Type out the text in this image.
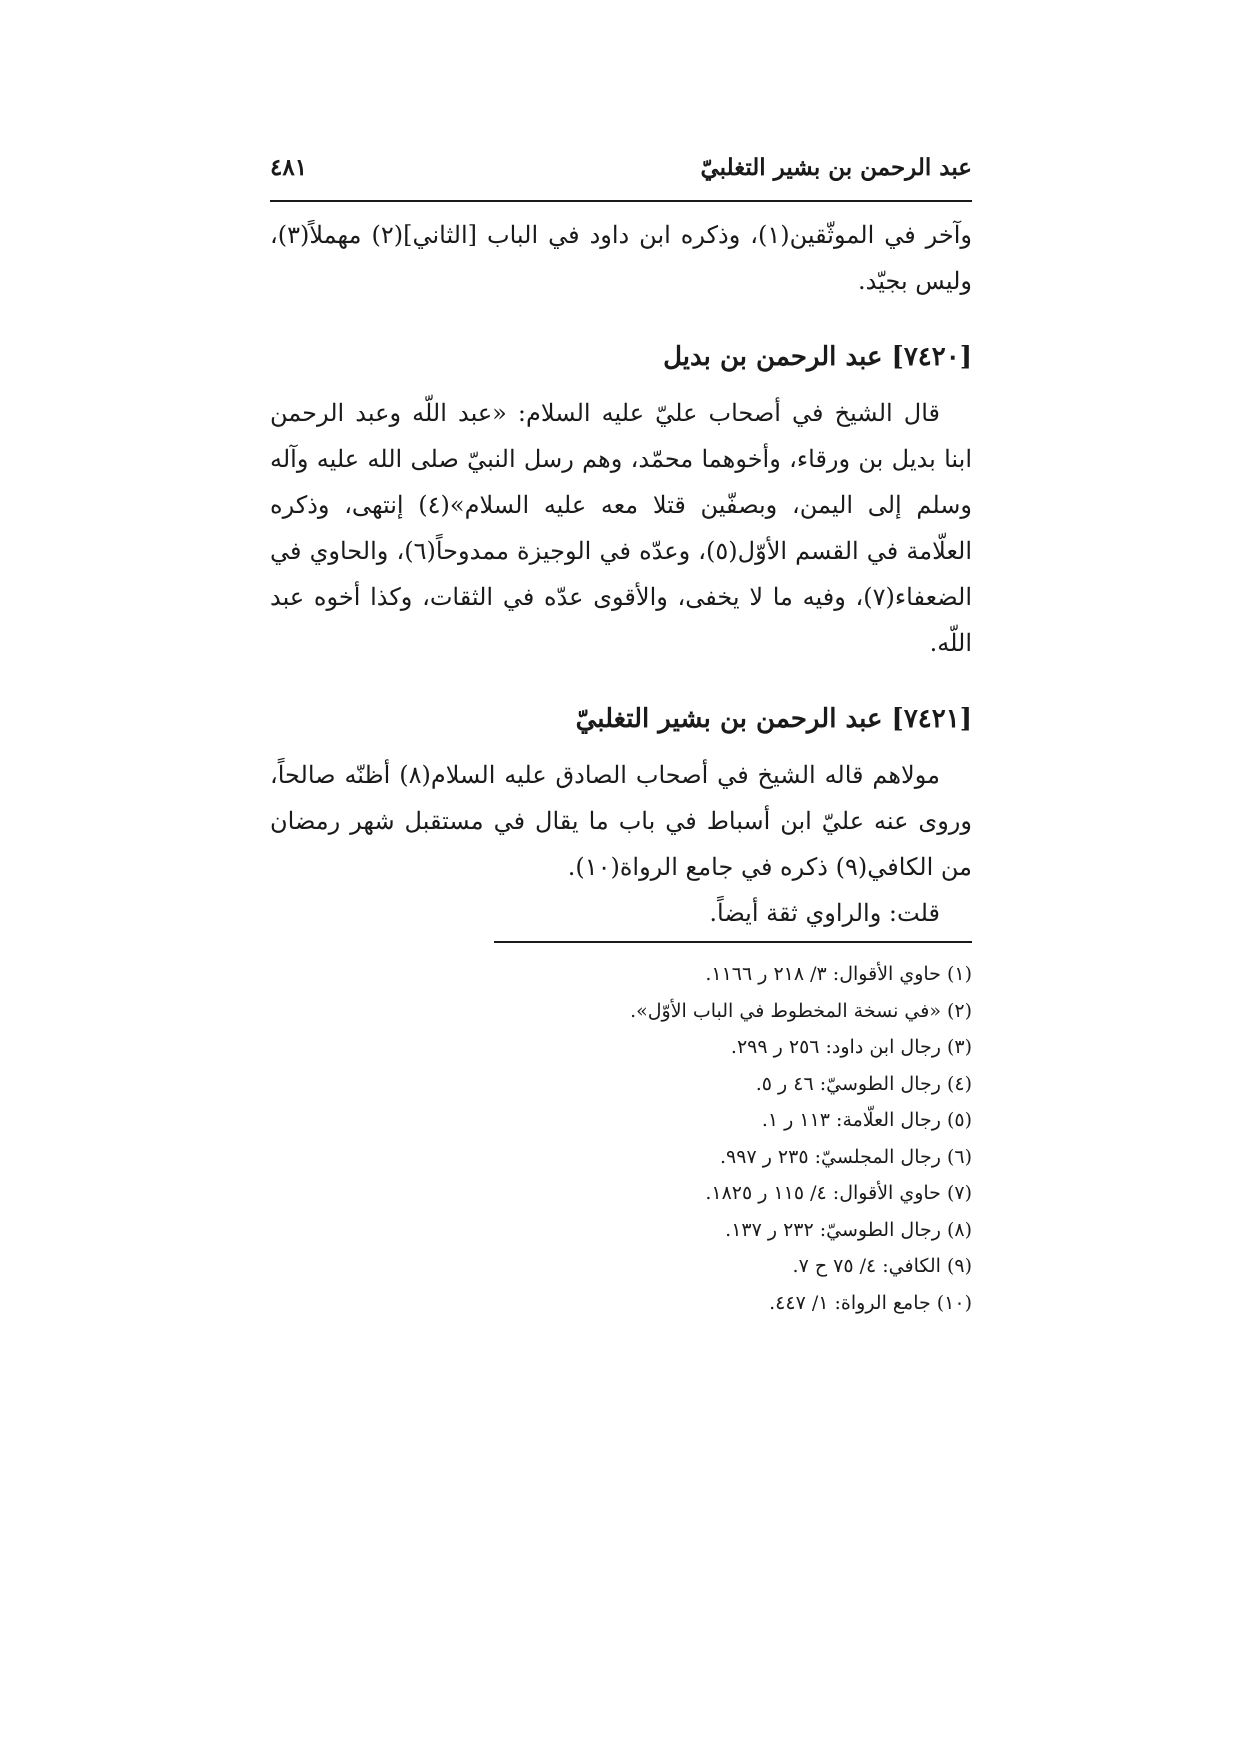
عبد الرحمن بن بشير التغلبيّ
٤٨١

وآخر في الموثّقين(١)، وذكره ابن داود في الباب [الثاني](٢) مهملاً(٣)، وليس بجيّد.

[٧٤٢٠] عبد الرحمن بن بديل

قال الشيخ في أصحاب عليّ عليه السلام: «عبد اللّه وعبد الرحمن ابنا بديل بن ورقاء، وأخوهما محمّد، وهم رسل النبيّ صلى الله عليه وآله وسلم إلى اليمن، وبصفّين قتلا معه عليه السلام»(٤) إنتهى، وذكره العلّامة في القسم الأوّل(٥)، وعدّه في الوجيزة ممدوحاً(٦)، والحاوي في الضعفاء(٧)، وفيه ما لا يخفى، والأقوى عدّه في الثقات، وكذا أخوه عبد اللّه.

[٧٤٢١] عبد الرحمن بن بشير التغلبيّ

مولاهم قاله الشيخ في أصحاب الصادق عليه السلام(٨) أظنّه صالحاً، وروى عنه عليّ ابن أسباط في باب ما يقال في مستقبل شهر رمضان من الكافي(٩) ذكره في جامع الرواة(١٠).

قلت: والراوي ثقة أيضاً.

(١)حاوي الأقوال: ٣/ ٢١٨ ر ١١٦٦.
(٢)«في نسخة المخطوط في الباب الأوّل».
(٣)رجال ابن داود: ٢٥٦ ر ٢٩٩.
(٤)رجال الطوسيّ: ٤٦ ر ٥.
(٥)رجال العلّامة: ١١٣ ر ١.
(٦)رجال المجلسيّ: ٢٣٥ ر ٩٩٧.
(٧)حاوي الأقوال: ٤/ ١١٥ ر ١٨٢٥.
(٨)رجال الطوسيّ: ٢٣٢ ر ١٣٧.
(٩)الكافي: ٤/ ٧٥ ح ٧.
(١٠)جامع الرواة: ١/ ٤٤٧.
